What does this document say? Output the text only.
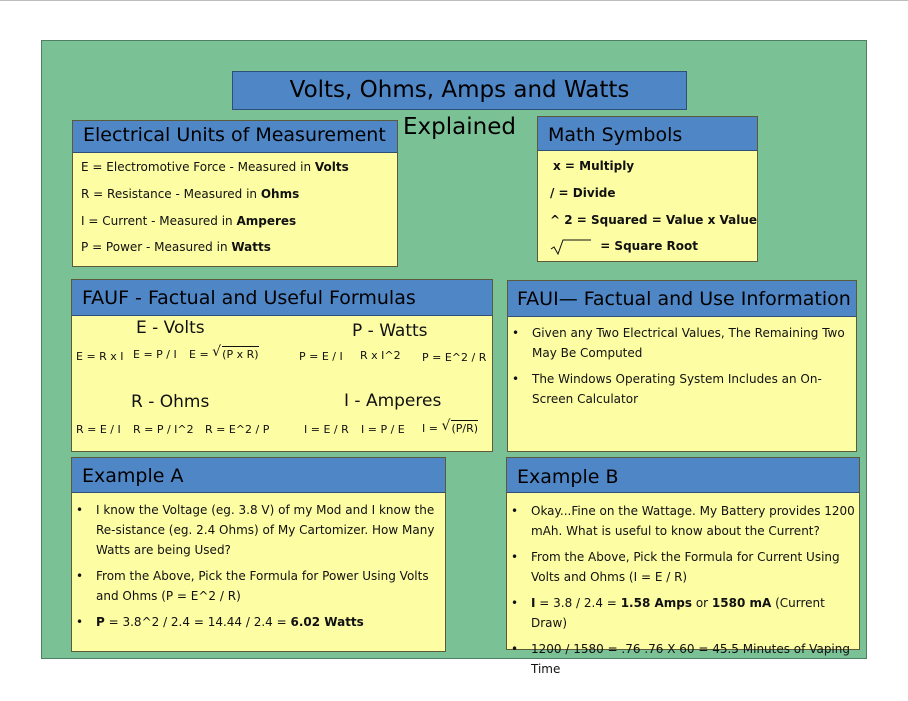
Volts, Ohms, Amps and Watts Explained
Electrical Units of Measurement
E = Electromotive Force - Measured in Volts
R = Resistance - Measured in Ohms
I = Current - Measured in Amperes
P = Power - Measured in Watts
Math Symbols
x = Multiply
/ = Divide
^ 2 = Squared = Value x Value
= Square Root
FAUF - Factual and Useful Formulas
E - Volts
E = R x I E = P / I E = √ (P x R)
P - Watts
P = E / I R x I^2 P = E^2 / R
R - Ohms
R = E / I R = P / I^2 R = E^2 / P
I - Amperes
I = E / R I = P / E I = √ (P/R)
FAUI— Factual and Use Information
• Given any Two Electrical Values, The Remaining Two May Be Computed
• The Windows Operating System Includes an On-Screen Calculator
Example A
• I know the Voltage (eg. 3.8 V) of my Mod and I know the Re-sistance (eg. 2.4 Ohms) of My Cartomizer. How Many Watts are being Used?
• From the Above, Pick the Formula for Power Using Volts and Ohms (P = E^2 / R)
• P = 3.8^2 / 2.4 = 14.44 / 2.4 = 6.02 Watts
Example B
• Okay...Fine on the Wattage. My Battery provides 1200 mAh. What is useful to know about the Current?
• From the Above, Pick the Formula for Current Using Volts and Ohms (I = E / R)
• I = 3.8 / 2.4 = 1.58 Amps or 1580 mA (Current Draw)
• 1200 / 1580 = .76 .76 X 60 = 45.5 Minutes of Vaping Time
